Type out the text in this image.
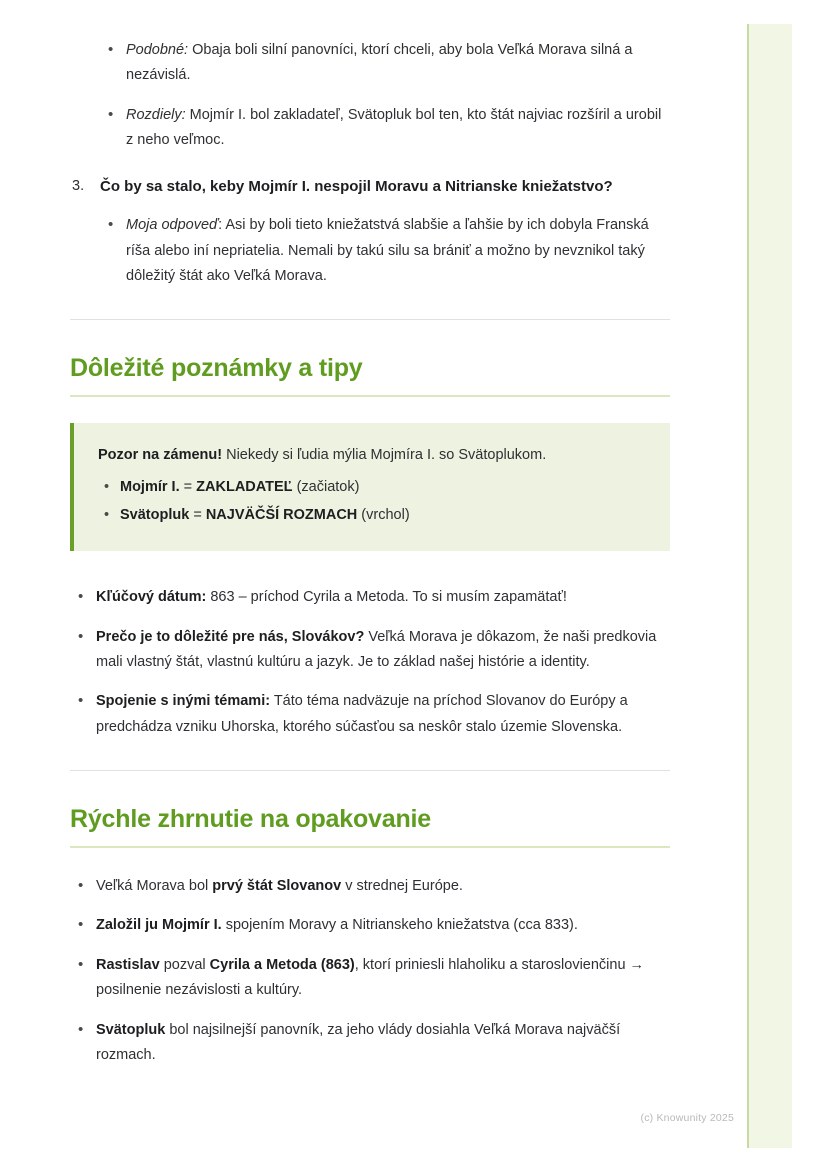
• Podobné: Obaja boli silní panovníci, ktorí chceli, aby bola Veľká Morava silná a nezávislá.
• Rozdiely: Mojmír I. bol zakladateľ, Svätopluk bol ten, kto štát najviac rozšíril a urobil z neho veľmoc.
3. Čo by sa stalo, keby Mojmír I. nespojil Moravu a Nitrianske kniežatstvo?
• Moja odpoveď: Asi by boli tieto kniežatstvá slabšie a ľahšie by ich dobyla Franská ríša alebo iní nepriatelia. Nemali by takú silu sa brániť a možno by nevznikol taký dôležitý štát ako Veľká Morava.
Dôležité poznámky a tipy
Pozor na zámenu! Niekedy si ľudia mýlia Mojmíra I. so Svätoplukom.
• Mojmír I. = ZAKLADATEĽ (začiatok)
• Svätopluk = NAJVÄČŠÍ ROZMACH (vrchol)
• Kľúčový dátum: 863 – príchod Cyrila a Metoda. To si musím zapamätať!
• Prečo je to dôležité pre nás, Slovákov? Veľká Morava je dôkazom, že naši predkovia mali vlastný štát, vlastnú kultúru a jazyk. Je to základ našej histórie a identity.
• Spojenie s inými témami: Táto téma nadväzuje na príchod Slovanov do Európy a predchádza vzniku Uhorska, ktorého súčasťou sa neskôr stalo územie Slovenska.
Rýchle zhrnutie na opakovanie
• Veľká Morava bol prvý štát Slovanov v strednej Európe.
• Založil ju Mojmír I. spojením Moravy a Nitrianskeho kniežatstva (cca 833).
• Rastislav pozval Cyrila a Metoda (863), ktorí priniesli hlaholiku a staroslovienčinu → posilnenie nezávislosti a kultúry.
• Svätopluk bol najsilnejší panovník, za jeho vlády dosiahla Veľká Morava najväčší rozmach.
(c) Knowunity 2025
